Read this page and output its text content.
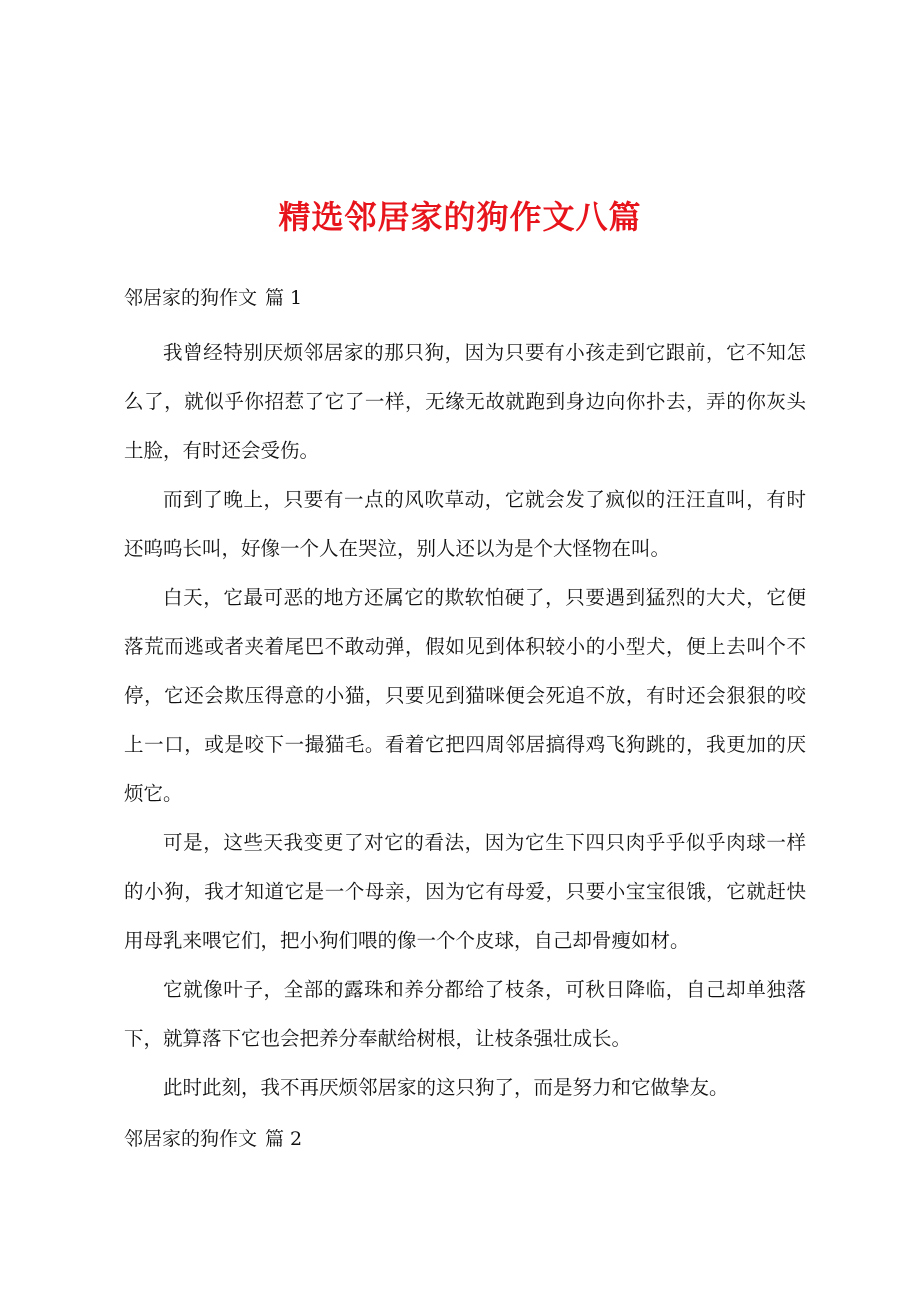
精选邻居家的狗作文八篇
邻居家的狗作文 篇 1

我曾经特别厌烦邻居家的那只狗，因为只要有小孩走到它跟前，它不知怎么了，就似乎你招惹了它了一样，无缘无故就跑到身边向你扑去，弄的你灰头土脸，有时还会受伤。

而到了晚上，只要有一点的风吹草动，它就会发了疯似的汪汪直叫，有时还呜呜长叫，好像一个人在哭泣，别人还以为是个大怪物在叫。

白天，它最可恶的地方还属它的欺软怕硬了，只要遇到猛烈的大犬，它便落荒而逃或者夹着尾巴不敢动弹，假如见到体积较小的小型犬，便上去叫个不停，它还会欺压得意的小猫，只要见到猫咪便会死追不放，有时还会狠狠的咬上一口，或是咬下一撮猫毛。看着它把四周邻居搞得鸡飞狗跳的，我更加的厌烦它。

可是，这些天我变更了对它的看法，因为它生下四只肉乎乎似乎肉球一样的小狗，我才知道它是一个母亲，因为它有母爱，只要小宝宝很饿，它就赶快用母乳来喂它们，把小狗们喂的像一个个皮球，自己却骨瘦如材。

它就像叶子，全部的露珠和养分都给了枝条，可秋日降临，自己却单独落下，就算落下它也会把养分奉献给树根，让枝条强壮成长。

此时此刻，我不再厌烦邻居家的这只狗了，而是努力和它做挚友。

邻居家的狗作文 篇 2
